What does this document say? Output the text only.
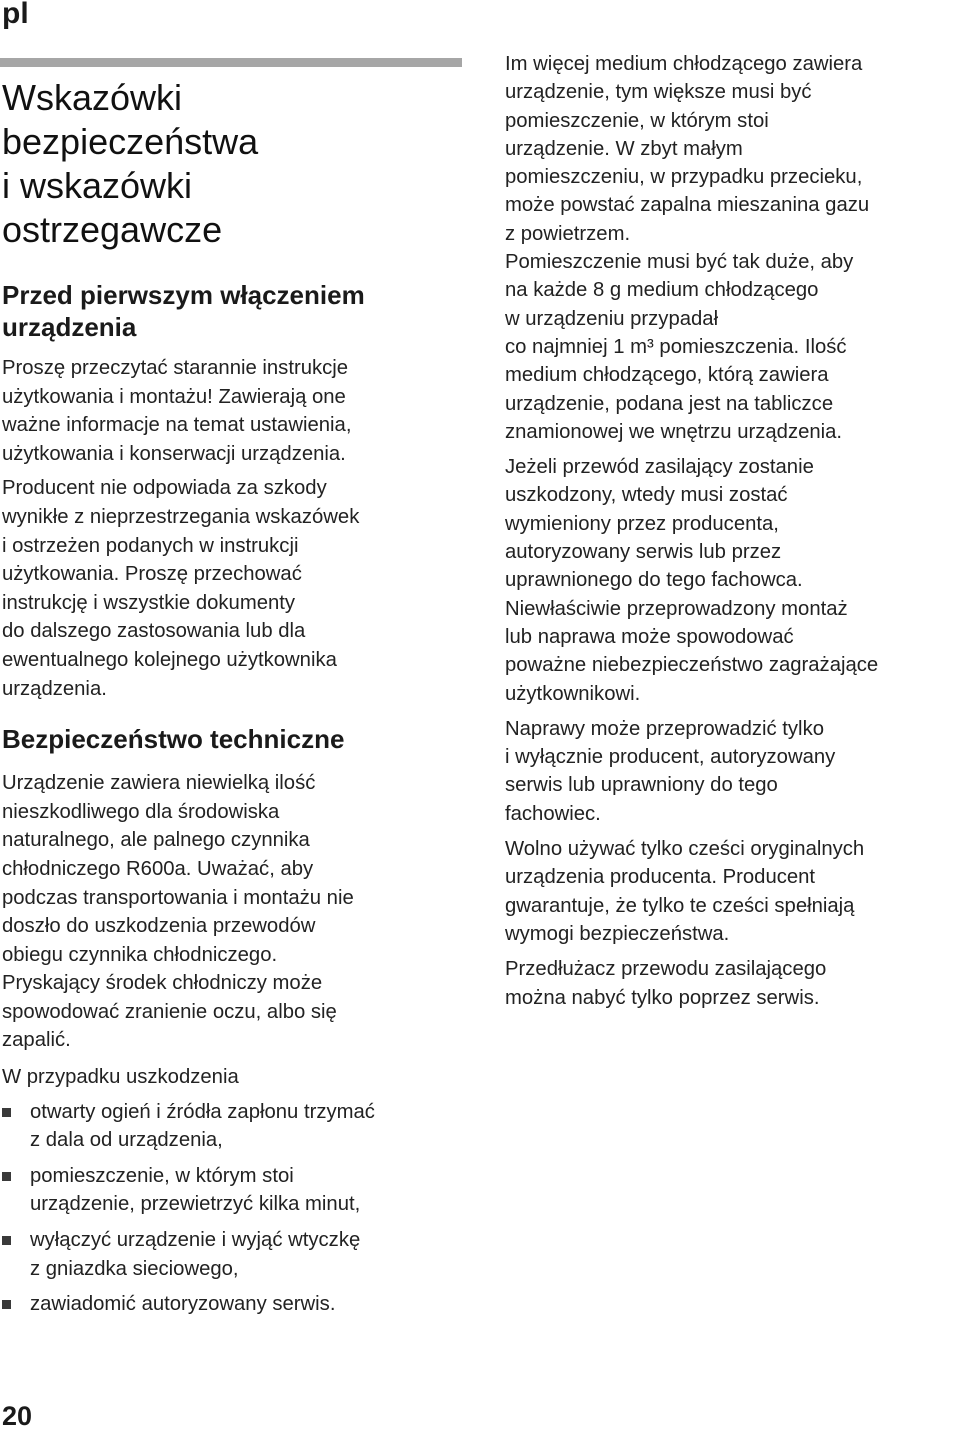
pl
Wskazówki
bezpieczeństwa
i wskazówki
ostrzegawcze
Przed pierwszym włączeniem
urządzenia

Proszę przeczytać starannie instrukcje
użytkowania i montażu! Zawierają one
ważne informacje na temat ustawienia,
użytkowania i konserwacji urządzenia.

Producent nie odpowiada za szkody
wynikłe z nieprzestrzegania wskazówek
i ostrzeżen podanych w instrukcji
użytkowania. Proszę przechować
instrukcję i wszystkie dokumenty
do dalszego zastosowania lub dla
ewentualnego kolejnego użytkownika
urządzenia.

Bezpieczeństwo techniczne

Urządzenie zawiera niewielką ilość
nieszkodliwego dla środowiska
naturalnego, ale palnego czynnika
chłodniczego R600a. Uważać, aby
podczas transportowania i montażu nie
doszło do uszkodzenia przewodów
obiegu czynnika chłodniczego.
Pryskający środek chłodniczy może
spowodować zranienie oczu, albo się
zapalić.

W przypadku uszkodzenia

otwarty ogień i źródła zapłonu trzymać
z dala od urządzenia,
pomieszczenie, w którym stoi
urządzenie, przewietrzyć kilka minut,
wyłączyć urządzenie i wyjąć wtyczkę
z gniazdka sieciowego,
zawiadomić autoryzowany serwis.

Im więcej medium chłodzącego zawiera
urządzenie, tym większe musi być
pomieszczenie, w którym stoi
urządzenie. W zbyt małym
pomieszczeniu, w przypadku przecieku,
może powstać zapalna mieszanina gazu
z powietrzem.
Pomieszczenie musi być tak duże, aby
na każde 8 g medium chłodzącego
w urządzeniu przypadał
co najmniej 1 m³ pomieszczenia. Ilość
medium chłodzącego, którą zawiera
urządzenie, podana jest na tabliczce
znamionowej we wnętrzu urządzenia.

Jeżeli przewód zasilający zostanie
uszkodzony, wtedy musi zostać
wymieniony przez producenta,
autoryzowany serwis lub przez
uprawnionego do tego fachowca.
Niewłaściwie przeprowadzony montaż
lub naprawa może spowodować
poważne niebezpieczeństwo zagrażające
użytkownikowi.

Naprawy może przeprowadzić tylko
i wyłącznie producent, autoryzowany
serwis lub uprawniony do tego
fachowiec.

Wolno używać tylko cześci oryginalnych
urządzenia producenta. Producent
gwarantuje, że tylko te cześci spełniają
wymogi bezpieczeństwa.

Przedłużacz przewodu zasilającego
można nabyć tylko poprzez serwis.

20
